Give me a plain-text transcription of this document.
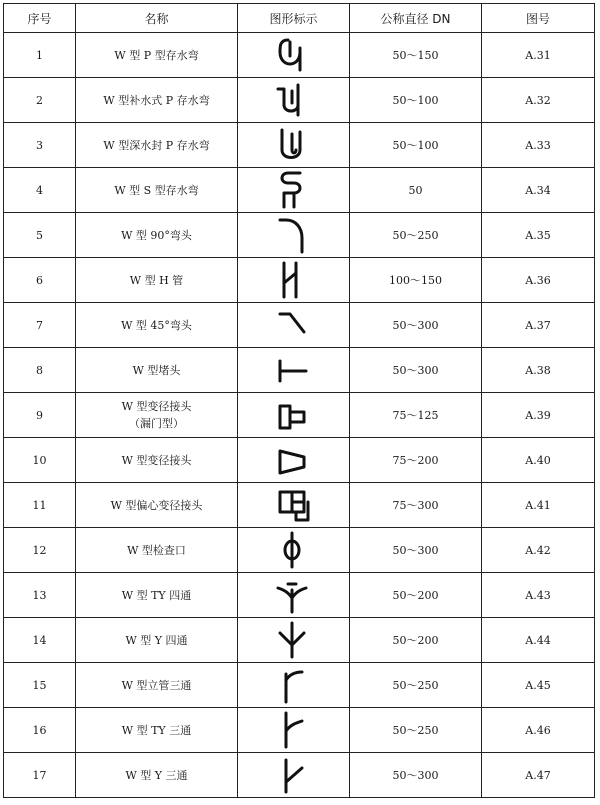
序号	名称	图形标示	公称直径 DN	图号
1	W 型 P 型存水弯		50～150	A.31
2	W 型补水式 P 存水弯		50～100	A.32
3	W 型深水封 P 存水弯		50～100	A.33
4	W 型 S 型存水弯		50	A.34
5	W 型 90°弯头		50～250	A.35
6	W 型 H 管		100～150	A.36
7	W 型 45°弯头		50～300	A.37
8	W 型堵头		50～300	A.38
9	W 型变径接头
（漏门型）		75～125	A.39
10	W 型变径接头		75～200	A.40
11	W 型偏心变径接头		75～300	A.41
12	W 型检查口		50～300	A.42
13	W 型 TY 四通		50～200	A.43
14	W 型 Y 四通		50～200	A.44
15	W 型立管三通		50～250	A.45
16	W 型 TY 三通		50～250	A.46
17	W 型 Y 三通		50～300	A.47
